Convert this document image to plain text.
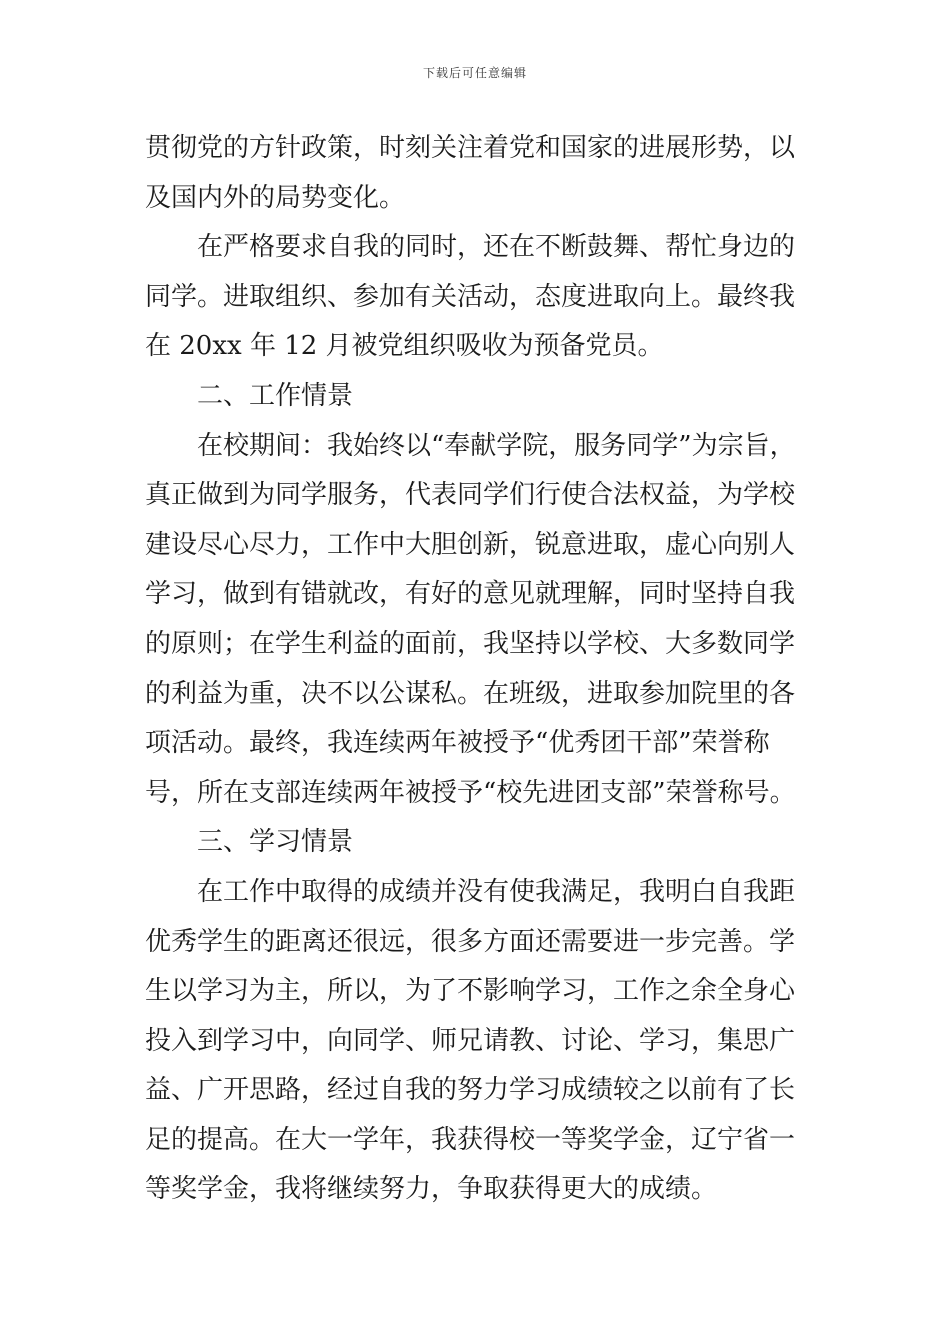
下载后可任意编辑
贯彻党的方针政策，时刻关注着党和国家的进展形势，以
及国内外的局势变化。
在严格要求自我的同时，还在不断鼓舞、帮忙身边的
同学。进取组织、参加有关活动，态度进取向上。最终我
在 20xx 年 12 月被党组织吸收为预备党员。
二、工作情景
在校期间：我始终以“奉献学院，服务同学”为宗旨，
真正做到为同学服务，代表同学们行使合法权益，为学校
建设尽心尽力，工作中大胆创新，锐意进取，虚心向别人
学习，做到有错就改，有好的意见就理解，同时坚持自我
的原则；在学生利益的面前，我坚持以学校、大多数同学
的利益为重，决不以公谋私。在班级，进取参加院里的各
项活动。最终，我连续两年被授予“优秀团干部”荣誉称
号，所在支部连续两年被授予“校先进团支部”荣誉称号。
三、学习情景
在工作中取得的成绩并没有使我满足，我明白自我距
优秀学生的距离还很远，很多方面还需要进一步完善。学
生以学习为主，所以，为了不影响学习，工作之余全身心
投入到学习中，向同学、师兄请教、讨论、学习，集思广
益、广开思路，经过自我的努力学习成绩较之以前有了长
足的提高。在大一学年，我获得校一等奖学金，辽宁省一
等奖学金，我将继续努力，争取获得更大的成绩。
